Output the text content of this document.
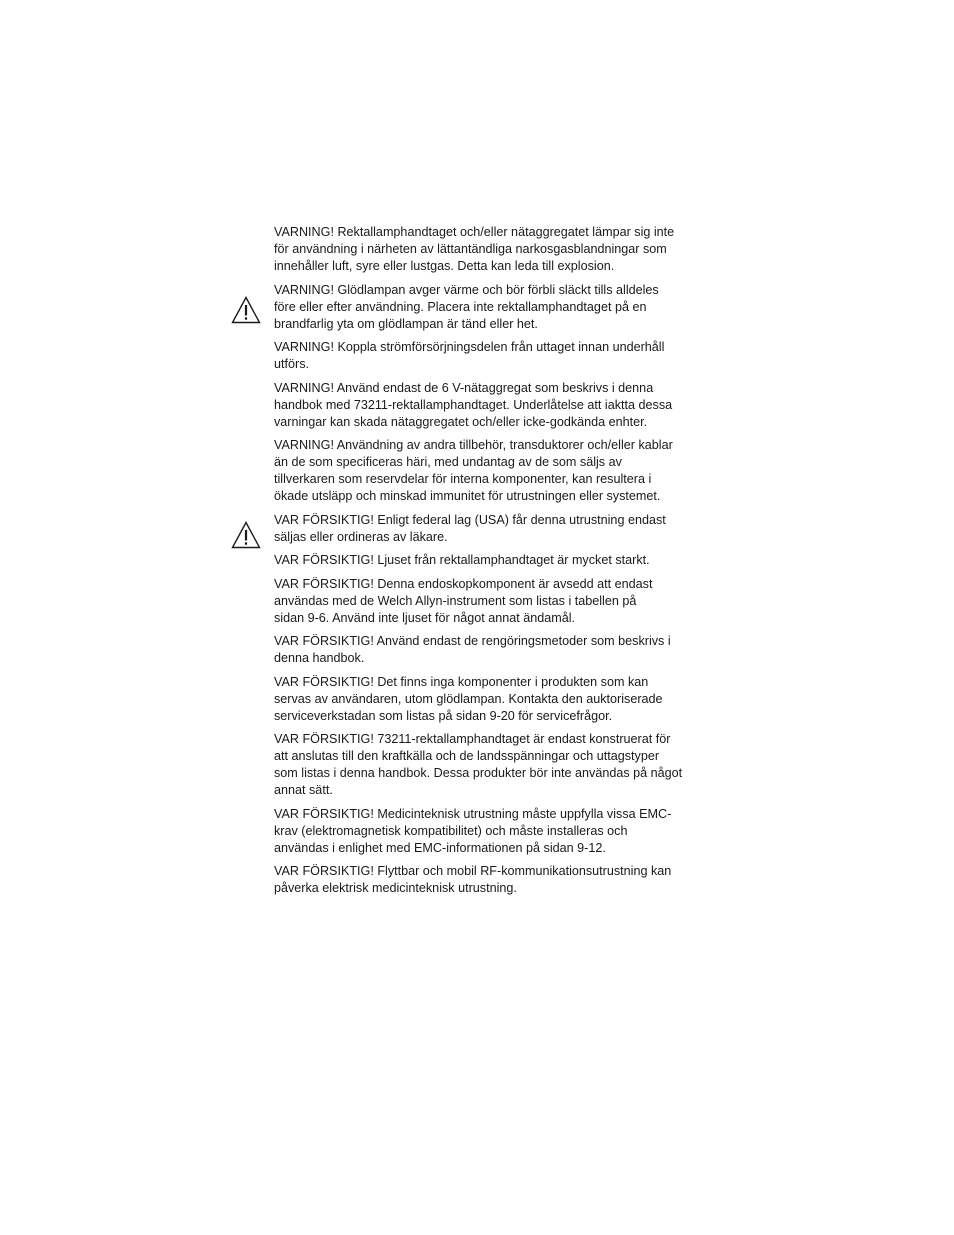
VARNING! Rektallamphandtaget och/eller nätaggregatet lämpar sig inte
för användning i närheten av lättantändliga narkosgasblandningar som
innehåller luft, syre eller lustgas. Detta kan leda till explosion.

VARNING! Glödlampan avger värme och bör förbli släckt tills alldeles
före eller efter användning. Placera inte rektallamphandtaget på en
brandfarlig yta om glödlampan är tänd eller het.

VARNING! Koppla strömförsörjningsdelen från uttaget innan underhåll
utförs.

VARNING! Använd endast de 6 V-nätaggregat som beskrivs i denna
handbok med 73211-rektallamphandtaget. Underlåtelse att iaktta dessa
varningar kan skada nätaggregatet och/eller icke-godkända enhter.

VARNING! Användning av andra tillbehör, transduktorer och/eller kablar
än de som specificeras häri, med undantag av de som säljs av
tillverkaren som reservdelar för interna komponenter, kan resultera i
ökade utsläpp och minskad immunitet för utrustningen eller systemet.

VAR FÖRSIKTIG! Enligt federal lag (USA) får denna utrustning endast
säljas eller ordineras av läkare.

VAR FÖRSIKTIG! Ljuset från rektallamphandtaget är mycket starkt.

VAR FÖRSIKTIG! Denna endoskopkomponent är avsedd att endast
användas med de Welch Allyn-instrument som listas i tabellen på
sidan 9-6. Använd inte ljuset för något annat ändamål.

VAR FÖRSIKTIG! Använd endast de rengöringsmetoder som beskrivs i
denna handbok.

VAR FÖRSIKTIG! Det finns inga komponenter i produkten som kan
servas av användaren, utom glödlampan. Kontakta den auktoriserade
serviceverkstadan som listas på sidan 9-20 för servicefrågor.

VAR FÖRSIKTIG! 73211-rektallamphandtaget är endast konstruerat för
att anslutas till den kraftkälla och de landsspänningar och uttagstyper
som listas i denna handbok. Dessa produkter bör inte användas på något
annat sätt.

VAR FÖRSIKTIG! Medicinteknisk utrustning måste uppfylla vissa EMC-
krav (elektromagnetisk kompatibilitet) och måste installeras och
användas i enlighet med EMC-informationen på sidan 9-12.

VAR FÖRSIKTIG! Flyttbar och mobil RF-kommunikationsutrustning kan
påverka elektrisk medicinteknisk utrustning.
